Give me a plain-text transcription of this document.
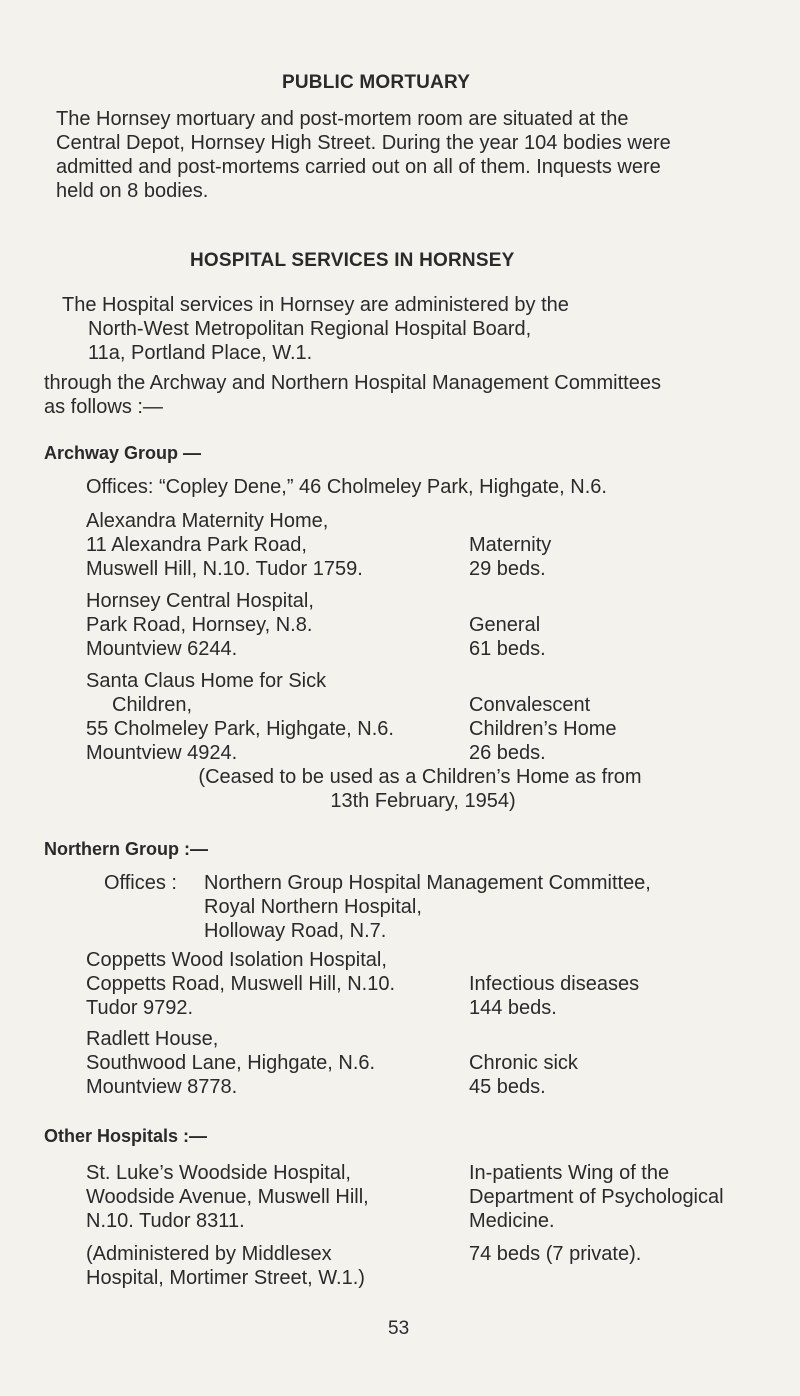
PUBLIC MORTUARY
The Hornsey mortuary and post-mortem room are situated at the
Central Depot, Hornsey High Street. During the year 104 bodies were
admitted and post-mortems carried out on all of them. Inquests were
held on 8 bodies.
HOSPITAL SERVICES IN HORNSEY
The Hospital services in Hornsey are administered by the
North-West Metropolitan Regional Hospital Board,
11a, Portland Place, W.1.
through the Archway and Northern Hospital Management Committees
as follows :—
Archway Group —
Offices: “Copley Dene,” 46 Cholmeley Park, Highgate, N.6.
Alexandra Maternity Home,
11 Alexandra Park Road,
Muswell Hill, N.10. Tudor 1759.
Maternity
29 beds.
Hornsey Central Hospital,
Park Road, Hornsey, N.8.
Mountview 6244.
General
61 beds.
Santa Claus Home for Sick
Children,
55 Cholmeley Park, Highgate, N.6.
Mountview 4924.
Convalescent
Children’s Home
26 beds.
(Ceased to be used as a Children’s Home as from
13th February, 1954)
Northern Group :—
Offices : Northern Group Hospital Management Committee,
Royal Northern Hospital,
Holloway Road, N.7.
Coppetts Wood Isolation Hospital,
Coppetts Road, Muswell Hill, N.10.
Tudor 9792.
Infectious diseases
144 beds.
Radlett House,
Southwood Lane, Highgate, N.6.
Mountview 8778.
Chronic sick
45 beds.
Other Hospitals :—
St. Luke’s Woodside Hospital,
Woodside Avenue, Muswell Hill,
N.10. Tudor 8311.
In-patients Wing of the
Department of Psychological
Medicine.
(Administered by Middlesex
Hospital, Mortimer Street, W.1.)
74 beds (7 private).
53
